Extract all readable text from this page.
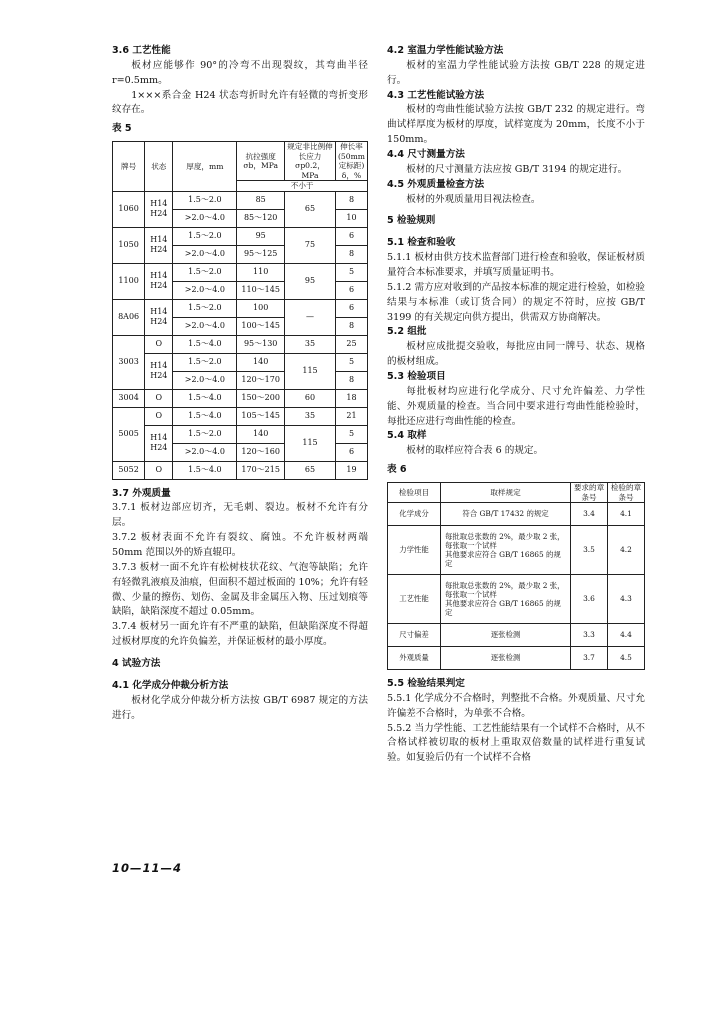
3.6 工艺性能

板材应能够作 90°的冷弯不出现裂纹，其弯曲半径 r=0.5mm。

1×××系合金 H24 状态弯折时允许有轻微的弯折变形纹存在。

表 5

牌号	状态	厚度，mm	抗拉强度 σb，MPa	规定非比例伸长应力 σp0.2，MPa	伸长率 (50mm 定标距) δ，%
			不小于		
1060	H14 H24	1.5～2.0	85	65	8
		>2.0～4.0	85～120		10
1050	H14 H24	1.5～2.0	95	75	6
		>2.0～4.0	95～125		8
1100	H14 H24	1.5～2.0	110	95	5
		>2.0～4.0	110～145		6
8A06	H14 H24	1.5～2.0	100	—	6
		>2.0～4.0	100～145		8
3003	O	1.5～4.0	95～130	35	25
	H14 H24	1.5～2.0	140	115	5
		>2.0～4.0	120～170		8
3004	O	1.5～4.0	150～200	60	18
5005	O	1.5～4.0	105～145	35	21
	H14 H24	1.5～2.0	140	115	5
		>2.0～4.0	120～160		6
5052	O	1.5～4.0	170～215	65	19

3.7 外观质量

3.7.1 板材边部应切齐，无毛刺、裂边。板材不允许有分层。

3.7.2 板材表面不允许有裂纹、腐蚀。不允许板材两端 50mm 范围以外的矫直辊印。

3.7.3 板材一面不允许有松树枝状花纹、气泡等缺陷；允许有轻微乳液痕及油痕，但面积不超过板面的 10%；允许有轻微、少量的擦伤、划伤、金属及非金属压入物、压过划痕等缺陷，缺陷深度不超过 0.05mm。

3.7.4 板材另一面允许有不严重的缺陷，但缺陷深度不得超过板材厚度的允许负偏差，并保证板材的最小厚度。

4 试验方法

4.1 化学成分仲裁分析方法

板材化学成分仲裁分析方法按 GB/T 6987 规定的方法进行。

4.2 室温力学性能试验方法

板材的室温力学性能试验方法按 GB/T 228 的规定进行。

4.3 工艺性能试验方法

板材的弯曲性能试验方法按 GB/T 232 的规定进行。弯曲试样厚度为板材的厚度，试样宽度为 20mm，长度不小于 150mm。

4.4 尺寸测量方法

板材的尺寸测量方法应按 GB/T 3194 的规定进行。

4.5 外观质量检查方法

板材的外观质量用目视法检查。

5 检验规则

5.1 检查和验收

5.1.1 板材由供方技术监督部门进行检查和验收，保证板材质量符合本标准要求，并填写质量证明书。

5.1.2 需方应对收到的产品按本标准的规定进行检验，如检验结果与本标准（或订货合同）的规定不符时，应按 GB/T 3199 的有关规定向供方提出，供需双方协商解决。

5.2 组批

板材应成批提交验收，每批应由同一牌号、状态、规格的板材组成。

5.3 检验项目

每批板材均应进行化学成分、尺寸允许偏差、力学性能、外观质量的检查。当合同中要求进行弯曲性能检验时，每批还应进行弯曲性能的检查。

5.4 取样

板材的取样应符合表 6 的规定。

表 6

检验项目	取样规定	要求的章条号	检验的章条号
化学成分	符合 GB/T 17432 的规定	3.4	4.1
力学性能	每批取总张数的 2%，最少取 2 张，每张取一个试样
其他要求应符合 GB/T 16865 的规定	3.5	4.2
工艺性能	每批取总张数的 2%，最少取 2 张，每张取一个试样
其他要求应符合 GB/T 16865 的规定	3.6	4.3
尺寸偏差	逐张检测	3.3	4.4
外观质量	逐张检测	3.7	4.5

5.5 检验结果判定

5.5.1 化学成分不合格时，判整批不合格。外观质量、尺寸允许偏差不合格时，为单张不合格。

5.5.2 当力学性能、工艺性能结果有一个试样不合格时，从不合格试样被切取的板材上重取双倍数量的试样进行重复试验。如复验后仍有一个试样不合格

10—11—4
